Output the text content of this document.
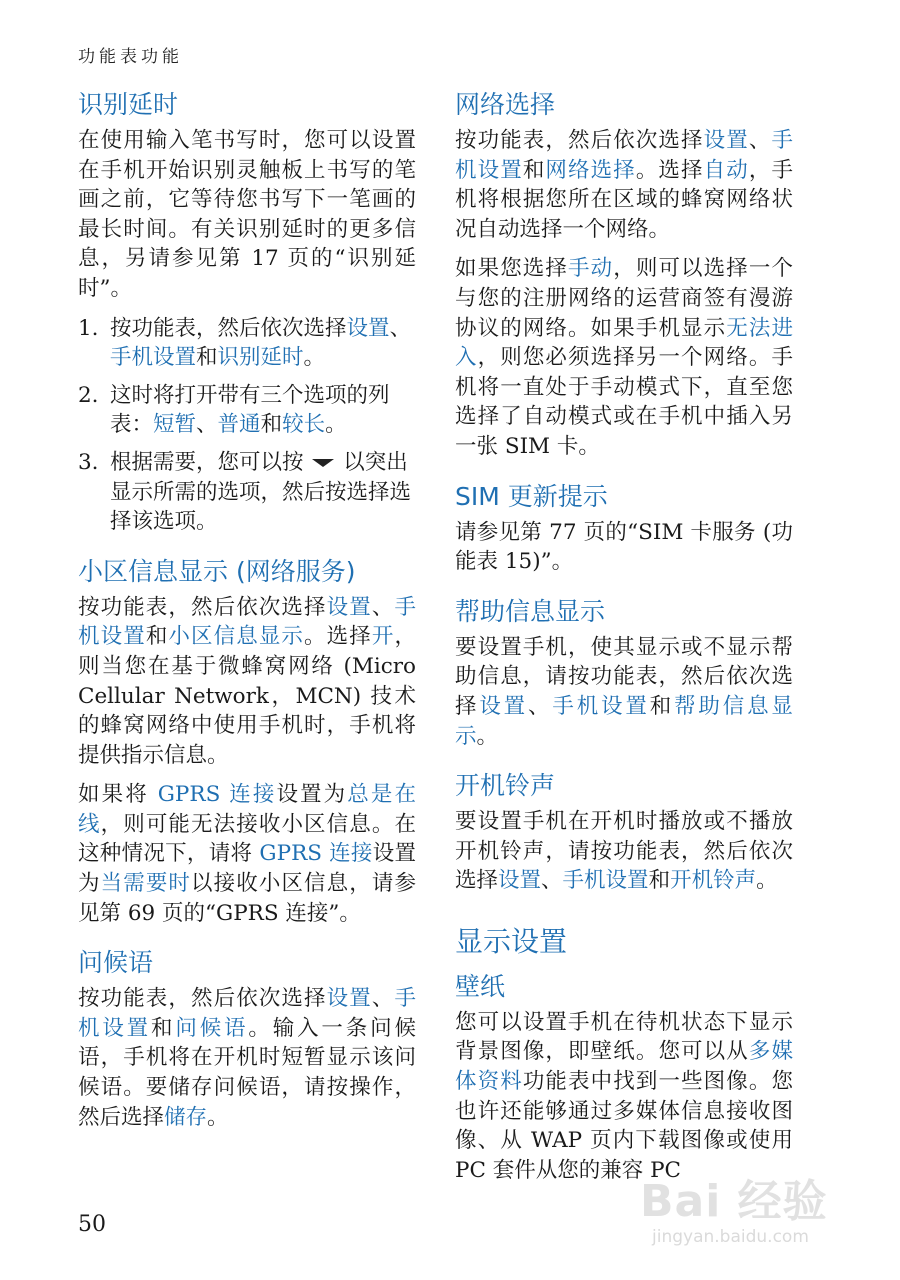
功能表功能
识别延时

在使用输入笔书写时，您可以设置在手机开始识别灵触板上书写的笔画之前，它等待您书写下一笔画的最长时间。有关识别延时的更多信息，另请参见第 17 页的“识别延时”。

1. 按功能表，然后依次选择设置、手机设置和识别延时。
2. 这时将打开带有三个选项的列表：短暂、普通和较长。
3. 根据需要，您可以按 以突出显示所需的选项，然后按选择选择该选项。
小区信息显示 (网络服务)

按功能表，然后依次选择设置、手机设置和小区信息显示。选择开，则当您在基于微蜂窝网络 (Micro Cellular Network，MCN) 技术的蜂窝网络中使用手机时，手机将提供指示信息。

如果将 GPRS 连接设置为总是在线，则可能无法接收小区信息。在这种情况下，请将 GPRS 连接设置为当需要时以接收小区信息，请参见第 69 页的“GPRS 连接”。

问候语

按功能表，然后依次选择设置、手机设置和问候语。输入一条问候语，手机将在开机时短暂显示该问候语。要储存问候语，请按操作，然后选择储存。

网络选择

按功能表，然后依次选择设置、手机设置和网络选择。选择自动，手机将根据您所在区域的蜂窝网络状况自动选择一个网络。

如果您选择手动，则可以选择一个与您的注册网络的运营商签有漫游协议的网络。如果手机显示无法进入，则您必须选择另一个网络。手机将一直处于手动模式下，直至您选择了自动模式或在手机中插入另一张 SIM 卡。

SIM 更新提示

请参见第 77 页的“SIM 卡服务 (功能表 15)”。

帮助信息显示

要设置手机，使其显示或不显示帮助信息，请按功能表，然后依次选择设置、手机设置和帮助信息显示。

开机铃声

要设置手机在开机时播放或不播放开机铃声，请按功能表，然后依次选择设置、手机设置和开机铃声。

显示设置
壁纸

您可以设置手机在待机状态下显示背景图像，即壁纸。您可以从多媒体资料功能表中找到一些图像。您也许还能够通过多媒体信息接收图像、从 WAP 页内下载图像或使用 PC 套件从您的兼容 PC

50	Bai 经验
jingyan.baidu.com
